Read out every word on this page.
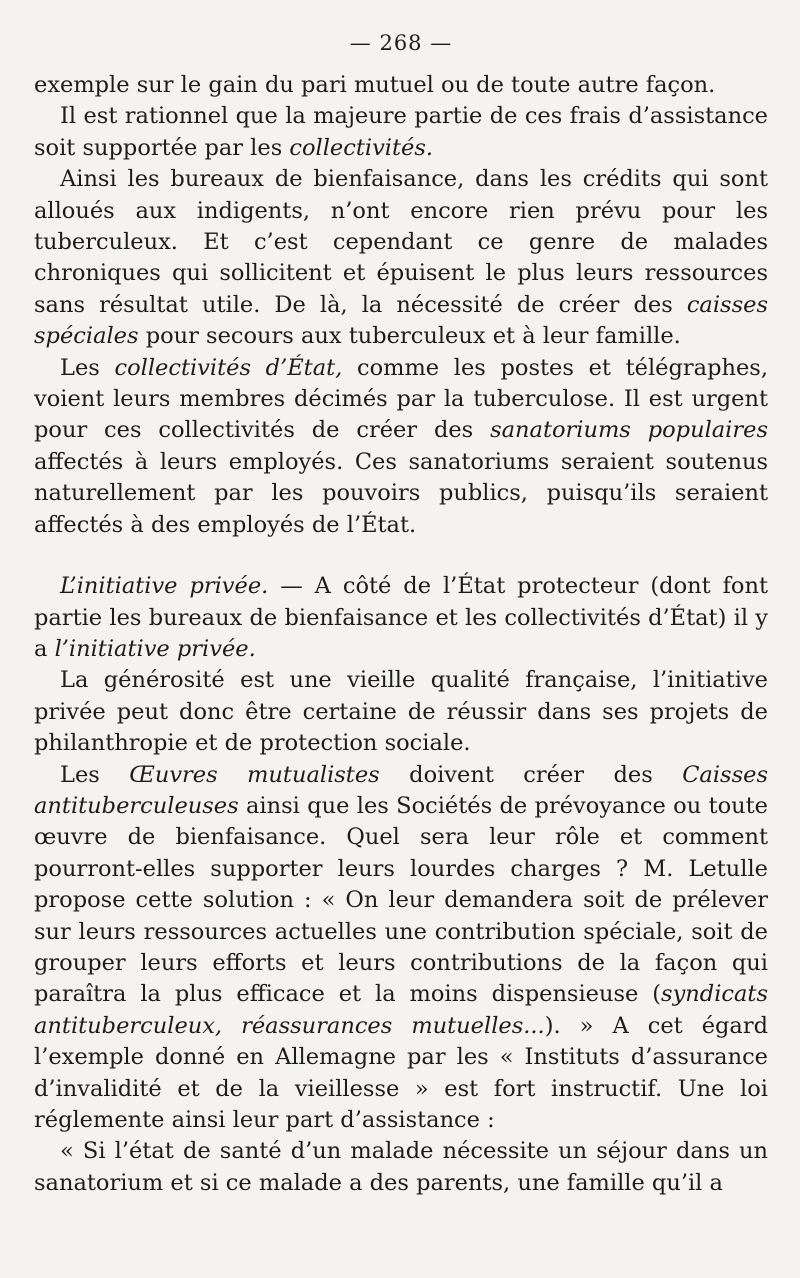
— 268 —

exemple sur le gain du pari mutuel ou de toute autre façon.

Il est rationnel que la majeure partie de ces frais d’assistance soit supportée par les collectivités.

Ainsi les bureaux de bienfaisance, dans les crédits qui sont alloués aux indigents, n’ont encore rien prévu pour les tuberculeux. Et c’est cependant ce genre de malades chroniques qui sollicitent et épuisent le plus leurs ressources sans résultat utile. De là, la nécessité de créer des caisses spéciales pour secours aux tuberculeux et à leur famille.

Les collectivités d’État, comme les postes et télégraphes, voient leurs membres décimés par la tuberculose. Il est urgent pour ces collectivités de créer des sanatoriums populaires affectés à leurs employés. Ces sanatoriums seraient soutenus naturellement par les pouvoirs publics, puisqu’ils seraient affectés à des employés de l’État.

L’initiative privée. — A côté de l’État protecteur (dont font partie les bureaux de bienfaisance et les collectivités d’État) il y a l’initiative privée.

La générosité est une vieille qualité française, l’initiative privée peut donc être certaine de réussir dans ses projets de philanthropie et de protection sociale.

Les Œuvres mutualistes doivent créer des Caisses antituberculeuses ainsi que les Sociétés de prévoyance ou toute œuvre de bienfaisance. Quel sera leur rôle et comment pourront-elles supporter leurs lourdes charges ? M. Letulle propose cette solution : « On leur demandera soit de prélever sur leurs ressources actuelles une contribution spéciale, soit de grouper leurs efforts et leurs contributions de la façon qui paraîtra la plus efficace et la moins dispensieuse (syndicats antituberculeux, réassurances mutuelles...). » A cet égard l’exemple donné en Allemagne par les « Instituts d’assurance d’invalidité et de la vieillesse » est fort instructif. Une loi réglemente ainsi leur part d’assistance :

« Si l’état de santé d’un malade nécessite un séjour dans un sanatorium et si ce malade a des parents, une famille qu’il a
